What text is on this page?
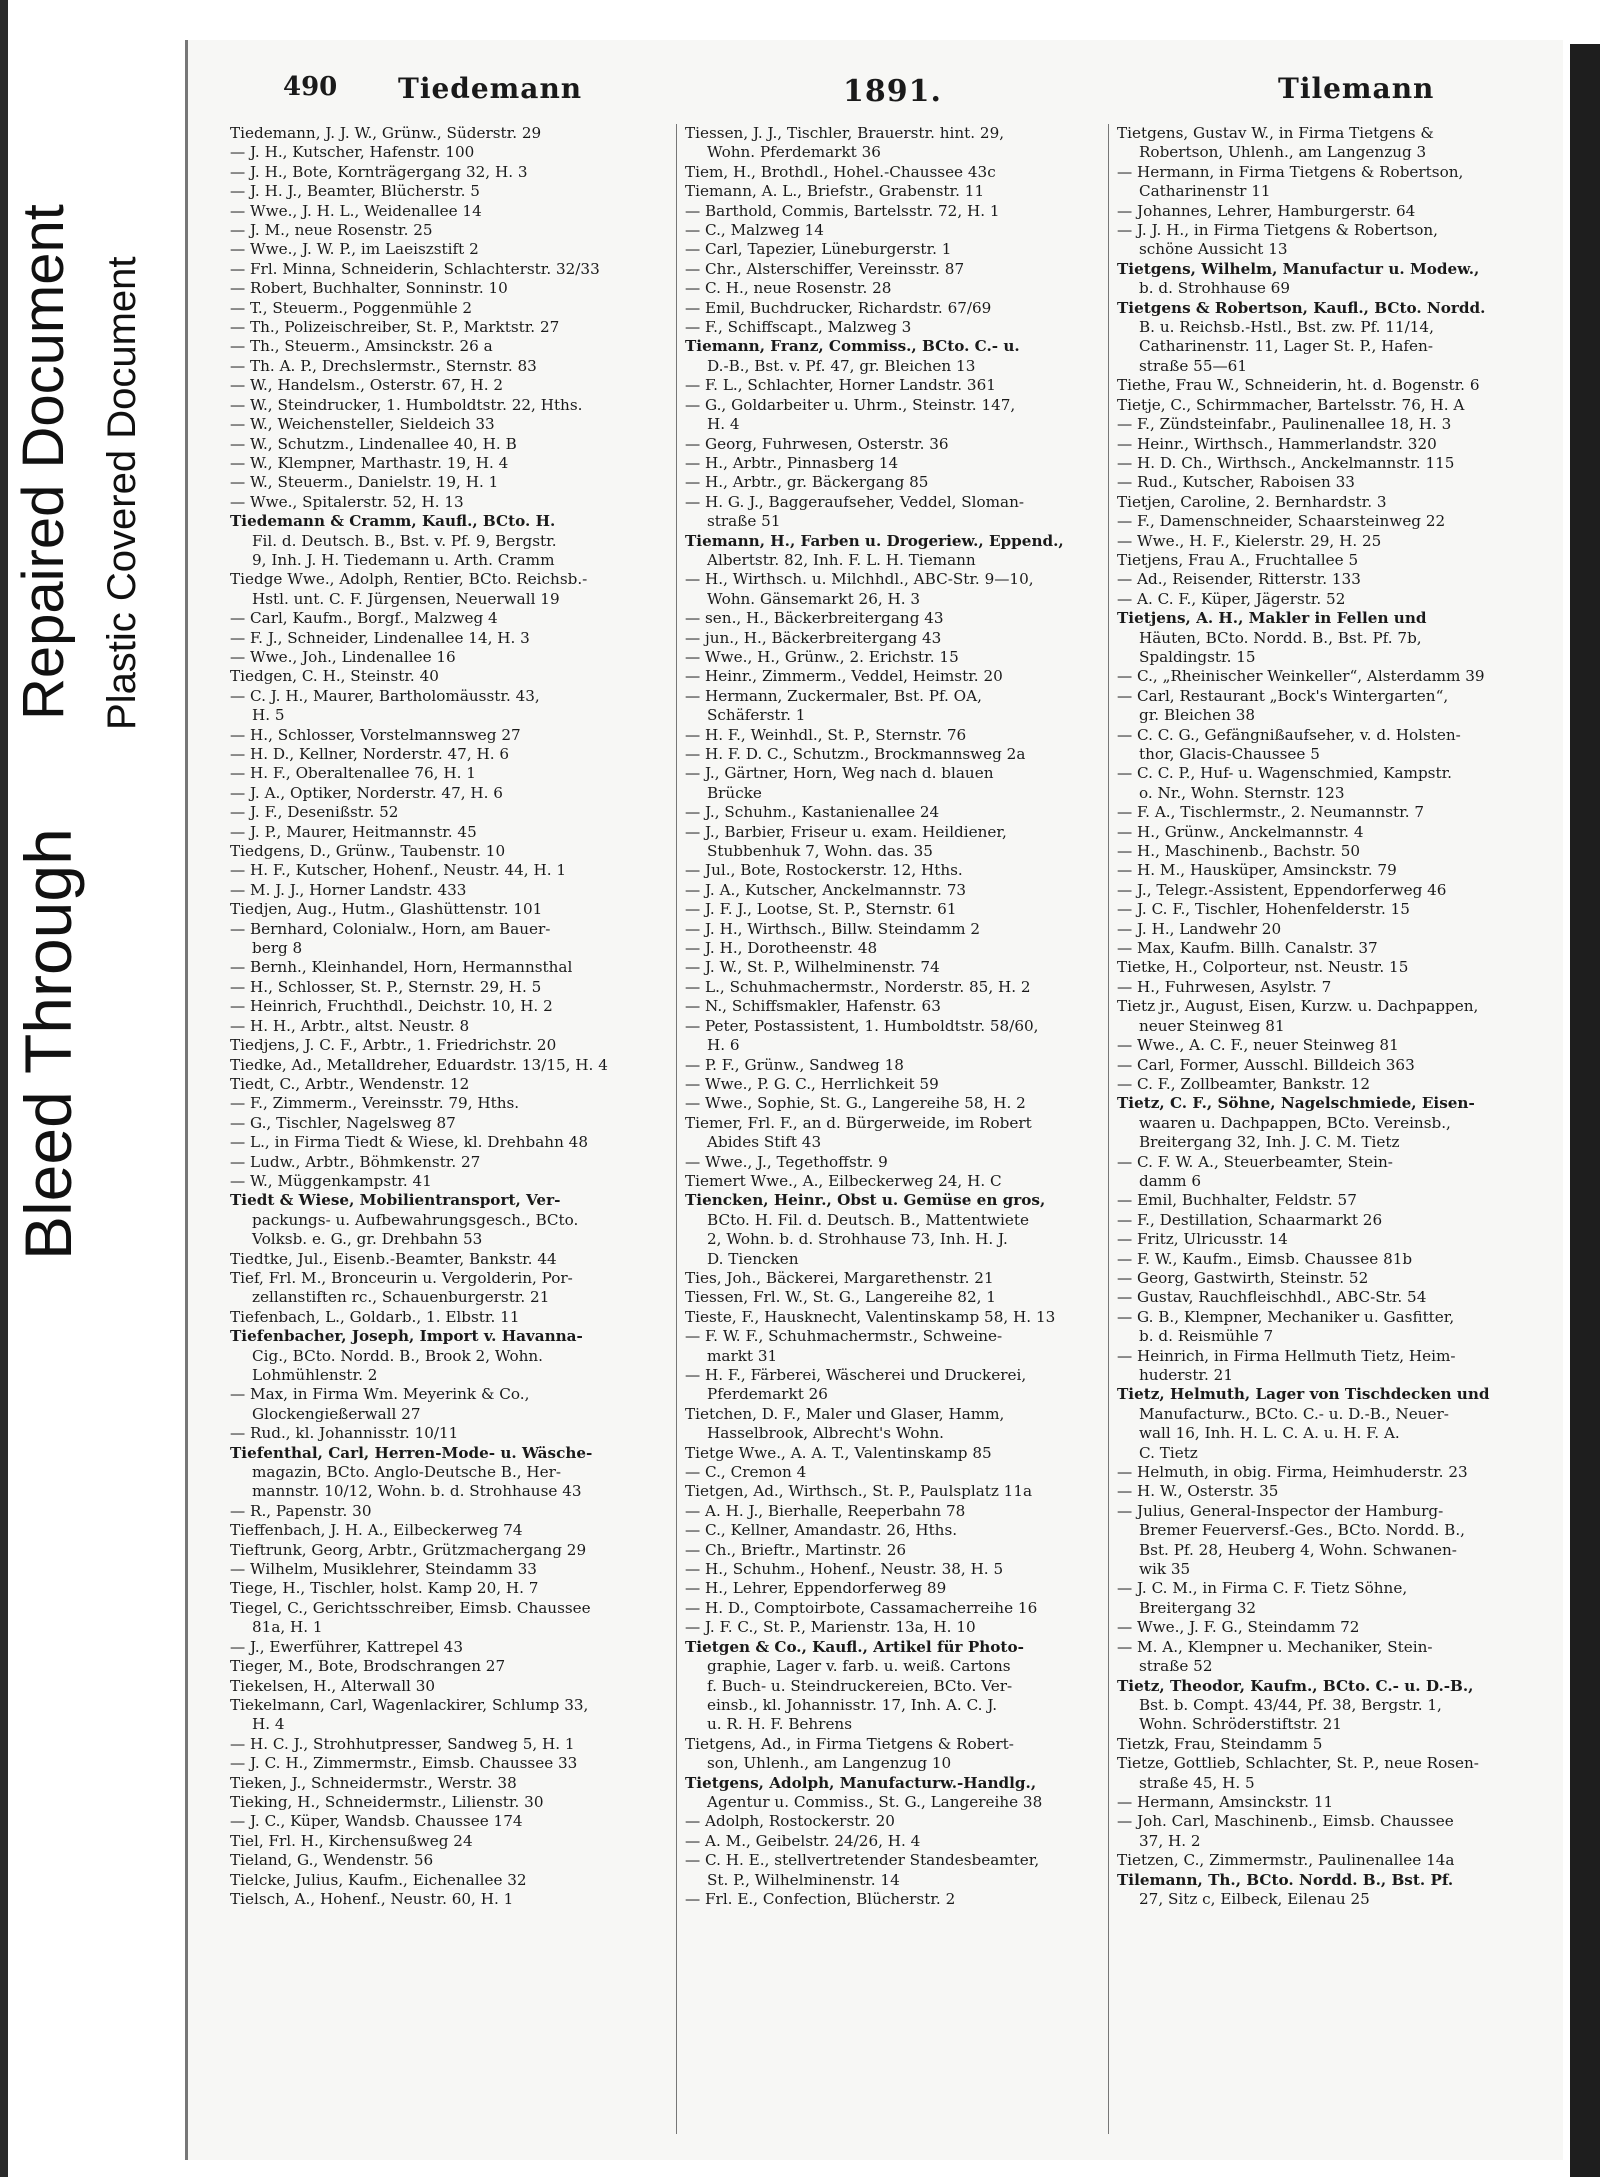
Bleed Through
Repaired Document Plastic Covered Document
490 Tiedemann	1891.	Tilemann
Tiedemann, J. J. W., Grünw., Süderstr. 29
— J. H., Kutscher, Hafenstr. 100
— J. H., Bote, Kornträgergang 32, H. 3
— J. H. J., Beamter, Blücherstr. 5
— Wwe., J. H. L., Weidenallee 14
— J. M., neue Rosenstr. 25
— Wwe., J. W. P., im Laeiszstift 2
— Frl. Minna, Schneiderin, Schlachterstr. 32/33
— Robert, Buchhalter, Sonninstr. 10
— T., Steuerm., Poggenmühle 2
— Th., Polizeischreiber, St. P., Marktstr. 27
— Th., Steuerm., Amsinckstr. 26 a
— Th. A. P., Drechslermstr., Sternstr. 83
— W., Handelsm., Osterstr. 67, H. 2
— W., Steindrucker, 1. Humboldtstr. 22, Hths.
— W., Weichensteller, Sieldeich 33
— W., Schutzm., Lindenallee 40, H. B
— W., Klempner, Marthastr. 19, H. 4
— W., Steuerm., Danielstr. 19, H. 1
— Wwe., Spitalerstr. 52, H. 13
Tiedemann & Cramm, Kaufl., BCto. H.
Fil. d. Deutsch. B., Bst. v. Pf. 9, Bergstr.
9, Inh. J. H. Tiedemann u. Arth. Cramm
Tiedge Wwe., Adolph, Rentier, BCto. Reichsb.-
Hstl. unt. C. F. Jürgensen, Neuerwall 19
— Carl, Kaufm., Borgf., Malzweg 4
— F. J., Schneider, Lindenallee 14, H. 3
— Wwe., Joh., Lindenallee 16
Tiedgen, C. H., Steinstr. 40
— C. J. H., Maurer, Bartholomäusstr. 43,
H. 5
— H., Schlosser, Vorstelmannsweg 27
— H. D., Kellner, Norderstr. 47, H. 6
— H. F., Oberaltenallee 76, H. 1
— J. A., Optiker, Norderstr. 47, H. 6
— J. F., Desenißstr. 52
— J. P., Maurer, Heitmannstr. 45
Tiedgens, D., Grünw., Taubenstr. 10
— H. F., Kutscher, Hohenf., Neustr. 44, H. 1
— M. J. J., Horner Landstr. 433
Tiedjen, Aug., Hutm., Glashüttenstr. 101
— Bernhard, Colonialw., Horn, am Bauer-
berg 8
— Bernh., Kleinhandel, Horn, Hermannsthal
— H., Schlosser, St. P., Sternstr. 29, H. 5
— Heinrich, Fruchthdl., Deichstr. 10, H. 2
— H. H., Arbtr., altst. Neustr. 8
Tiedjens, J. C. F., Arbtr., 1. Friedrichstr. 20
Tiedke, Ad., Metalldreher, Eduardstr. 13/15, H. 4
Tiedt, C., Arbtr., Wendenstr. 12
— F., Zimmerm., Vereinsstr. 79, Hths.
— G., Tischler, Nagelsweg 87
— L., in Firma Tiedt & Wiese, kl. Drehbahn 48
— Ludw., Arbtr., Böhmkenstr. 27
— W., Müggenkampstr. 41
Tiedt & Wiese, Mobilientransport, Ver-
packungs- u. Aufbewahrungsgesch., BCto.
Volksb. e. G., gr. Drehbahn 53
Tiedtke, Jul., Eisenb.-Beamter, Bankstr. 44
Tief, Frl. M., Bronceurin u. Vergolderin, Por-
zellanstiften rc., Schauenburgerstr. 21
Tiefenbach, L., Goldarb., 1. Elbstr. 11
Tiefenbacher, Joseph, Import v. Havanna-
Cig., BCto. Nordd. B., Brook 2, Wohn.
Lohmühlenstr. 2
— Max, in Firma Wm. Meyerink & Co.,
Glockengießerwall 27
— Rud., kl. Johannisstr. 10/11
Tiefenthal, Carl, Herren-Mode- u. Wäsche-
magazin, BCto. Anglo-Deutsche B., Her-
mannstr. 10/12, Wohn. b. d. Strohhause 43
— R., Papenstr. 30
Tieffenbach, J. H. A., Eilbeckerweg 74
Tieftrunk, Georg, Arbtr., Grützmachergang 29
— Wilhelm, Musiklehrer, Steindamm 33
Tiege, H., Tischler, holst. Kamp 20, H. 7
Tiegel, C., Gerichtsschreiber, Eimsb. Chaussee
81a, H. 1
— J., Ewerführer, Kattrepel 43
Tieger, M., Bote, Brodschrangen 27
Tiekelsen, H., Alterwall 30
Tiekelmann, Carl, Wagenlackirer, Schlump 33,
H. 4
— H. C. J., Strohhutpresser, Sandweg 5, H. 1
— J. C. H., Zimmermstr., Eimsb. Chaussee 33
Tieken, J., Schneidermstr., Werstr. 38
Tieking, H., Schneidermstr., Lilienstr. 30
— J. C., Küper, Wandsb. Chaussee 174
Tiel, Frl. H., Kirchensußweg 24
Tieland, G., Wendenstr. 56
Tielcke, Julius, Kaufm., Eichenallee 32
Tielsch, A., Hohenf., Neustr. 60, H. 1
Tiessen, J. J., Tischler, Brauerstr. hint. 29,
Wohn. Pferdemarkt 36
Tiem, H., Brothdl., Hohel.-Chaussee 43c
Tiemann, A. L., Briefstr., Grabenstr. 11
— Barthold, Commis, Bartelsstr. 72, H. 1
— C., Malzweg 14
— Carl, Tapezier, Lüneburgerstr. 1
— Chr., Alsterschiffer, Vereinsstr. 87
— C. H., neue Rosenstr. 28
— Emil, Buchdrucker, Richardstr. 67/69
— F., Schiffscapt., Malzweg 3
Tiemann, Franz, Commiss., BCto. C.- u.
D.-B., Bst. v. Pf. 47, gr. Bleichen 13
— F. L., Schlachter, Horner Landstr. 361
— G., Goldarbeiter u. Uhrm., Steinstr. 147,
H. 4
— Georg, Fuhrwesen, Osterstr. 36
— H., Arbtr., Pinnasberg 14
— H., Arbtr., gr. Bäckergang 85
— H. G. J., Baggeraufseher, Veddel, Sloman-
straße 51
Tiemann, H., Farben u. Drogeriew., Eppend.,
Albertstr. 82, Inh. F. L. H. Tiemann
— H., Wirthsch. u. Milchhdl., ABC-Str. 9—10,
Wohn. Gänsemarkt 26, H. 3
— sen., H., Bäckerbreitergang 43
— jun., H., Bäckerbreitergang 43
— Wwe., H., Grünw., 2. Erichstr. 15
— Heinr., Zimmerm., Veddel, Heimstr. 20
— Hermann, Zuckermaler, Bst. Pf. OA,
Schäferstr. 1
— H. F., Weinhdl., St. P., Sternstr. 76
— H. F. D. C., Schutzm., Brockmannsweg 2a
— J., Gärtner, Horn, Weg nach d. blauen
Brücke
— J., Schuhm., Kastanienallee 24
— J., Barbier, Friseur u. exam. Heildiener,
Stubbenhuk 7, Wohn. das. 35
— Jul., Bote, Rostockerstr. 12, Hths.
— J. A., Kutscher, Anckelmannstr. 73
— J. F. J., Lootse, St. P., Sternstr. 61
— J. H., Wirthsch., Billw. Steindamm 2
— J. H., Dorotheenstr. 48
— J. W., St. P., Wilhelminenstr. 74
— L., Schuhmachermstr., Norderstr. 85, H. 2
— N., Schiffsmakler, Hafenstr. 63
— Peter, Postassistent, 1. Humboldtstr. 58/60,
H. 6
— P. F., Grünw., Sandweg 18
— Wwe., P. G. C., Herrlichkeit 59
— Wwe., Sophie, St. G., Langereihe 58, H. 2
Tiemer, Frl. F., an d. Bürgerweide, im Robert
Abides Stift 43
— Wwe., J., Tegethoffstr. 9
Tiemert Wwe., A., Eilbeckerweg 24, H. C
Tiencken, Heinr., Obst u. Gemüse en gros,
BCto. H. Fil. d. Deutsch. B., Mattentwiete
2, Wohn. b. d. Strohhause 73, Inh. H. J.
D. Tiencken
Ties, Joh., Bäckerei, Margarethenstr. 21
Tiessen, Frl. W., St. G., Langereihe 82, 1
Tieste, F., Hausknecht, Valentinskamp 58, H. 13
— F. W. F., Schuhmachermstr., Schweine-
markt 31
— H. F., Färberei, Wäscherei und Druckerei,
Pferdemarkt 26
Tietchen, D. F., Maler und Glaser, Hamm,
Hasselbrook, Albrecht's Wohn.
Tietge Wwe., A. A. T., Valentinskamp 85
— C., Cremon 4
Tietgen, Ad., Wirthsch., St. P., Paulsplatz 11a
— A. H. J., Bierhalle, Reeperbahn 78
— C., Kellner, Amandastr. 26, Hths.
— Ch., Brieftr., Martinstr. 26
— H., Schuhm., Hohenf., Neustr. 38, H. 5
— H., Lehrer, Eppendorferweg 89
— H. D., Comptoirbote, Cassamacherreihe 16
— J. F. C., St. P., Marienstr. 13a, H. 10
Tietgen & Co., Kaufl., Artikel für Photo-
graphie, Lager v. farb. u. weiß. Cartons
f. Buch- u. Steindruckereien, BCto. Ver-
einsb., kl. Johannisstr. 17, Inh. A. C. J.
u. R. H. F. Behrens
Tietgens, Ad., in Firma Tietgens & Robert-
son, Uhlenh., am Langenzug 10
Tietgens, Adolph, Manufacturw.-Handlg.,
Agentur u. Commiss., St. G., Langereihe 38
— Adolph, Rostockerstr. 20
— A. M., Geibelstr. 24/26, H. 4
— C. H. E., stellvertretender Standesbeamter,
St. P., Wilhelminenstr. 14
— Frl. E., Confection, Blücherstr. 2
Tietgens, Gustav W., in Firma Tietgens &
Robertson, Uhlenh., am Langenzug 3
— Hermann, in Firma Tietgens & Robertson,
Catharinenstr 11
— Johannes, Lehrer, Hamburgerstr. 64
— J. J. H., in Firma Tietgens & Robertson,
schöne Aussicht 13
Tietgens, Wilhelm, Manufactur u. Modew.,
b. d. Strohhause 69
Tietgens & Robertson, Kaufl., BCto. Nordd.
B. u. Reichsb.-Hstl., Bst. zw. Pf. 11/14,
Catharinenstr. 11, Lager St. P., Hafen-
straße 55—61
Tiethe, Frau W., Schneiderin, ht. d. Bogenstr. 6
Tietje, C., Schirmmacher, Bartelsstr. 76, H. A
— F., Zündsteinfabr., Paulinenallee 18, H. 3
— Heinr., Wirthsch., Hammerlandstr. 320
— H. D. Ch., Wirthsch., Anckelmannstr. 115
— Rud., Kutscher, Raboisen 33
Tietjen, Caroline, 2. Bernhardstr. 3
— F., Damenschneider, Schaarsteinweg 22
— Wwe., H. F., Kielerstr. 29, H. 25
Tietjens, Frau A., Fruchtallee 5
— Ad., Reisender, Ritterstr. 133
— A. C. F., Küper, Jägerstr. 52
Tietjens, A. H., Makler in Fellen und
Häuten, BCto. Nordd. B., Bst. Pf. 7b,
Spaldingstr. 15
— C., „Rheinischer Weinkeller“, Alsterdamm 39
— Carl, Restaurant „Bock's Wintergarten“,
gr. Bleichen 38
— C. C. G., Gefängnißaufseher, v. d. Holsten-
thor, Glacis-Chaussee 5
— C. C. P., Huf- u. Wagenschmied, Kampstr.
o. Nr., Wohn. Sternstr. 123
— F. A., Tischlermstr., 2. Neumannstr. 7
— H., Grünw., Anckelmannstr. 4
— H., Maschinenb., Bachstr. 50
— H. M., Hausküper, Amsinckstr. 79
— J., Telegr.-Assistent, Eppendorferweg 46
— J. C. F., Tischler, Hohenfelderstr. 15
— J. H., Landwehr 20
— Max, Kaufm. Billh. Canalstr. 37
Tietke, H., Colporteur, nst. Neustr. 15
— H., Fuhrwesen, Asylstr. 7
Tietz jr., August, Eisen, Kurzw. u. Dachpappen,
neuer Steinweg 81
— Wwe., A. C. F., neuer Steinweg 81
— Carl, Former, Ausschl. Billdeich 363
— C. F., Zollbeamter, Bankstr. 12
Tietz, C. F., Söhne, Nagelschmiede, Eisen-
waaren u. Dachpappen, BCto. Vereinsb.,
Breitergang 32, Inh. J. C. M. Tietz
— C. F. W. A., Steuerbeamter, Stein-
damm 6
— Emil, Buchhalter, Feldstr. 57
— F., Destillation, Schaarmarkt 26
— Fritz, Ulricusstr. 14
— F. W., Kaufm., Eimsb. Chaussee 81b
— Georg, Gastwirth, Steinstr. 52
— Gustav, Rauchfleischhdl., ABC-Str. 54
— G. B., Klempner, Mechaniker u. Gasfitter,
b. d. Reismühle 7
— Heinrich, in Firma Hellmuth Tietz, Heim-
huderstr. 21
Tietz, Helmuth, Lager von Tischdecken und
Manufacturw., BCto. C.- u. D.-B., Neuer-
wall 16, Inh. H. L. C. A. u. H. F. A.
C. Tietz
— Helmuth, in obig. Firma, Heimhuderstr. 23
— H. W., Osterstr. 35
— Julius, General-Inspector der Hamburg-
Bremer Feuerversf.-Ges., BCto. Nordd. B.,
Bst. Pf. 28, Heuberg 4, Wohn. Schwanen-
wik 35
— J. C. M., in Firma C. F. Tietz Söhne,
Breitergang 32
— Wwe., J. F. G., Steindamm 72
— M. A., Klempner u. Mechaniker, Stein-
straße 52
Tietz, Theodor, Kaufm., BCto. C.- u. D.-B.,
Bst. b. Compt. 43/44, Pf. 38, Bergstr. 1,
Wohn. Schröderstiftstr. 21
Tietzk, Frau, Steindamm 5
Tietze, Gottlieb, Schlachter, St. P., neue Rosen-
straße 45, H. 5
— Hermann, Amsinckstr. 11
— Joh. Carl, Maschinenb., Eimsb. Chaussee
37, H. 2
Tietzen, C., Zimmermstr., Paulinenallee 14a
Tilemann, Th., BCto. Nordd. B., Bst. Pf.
27, Sitz c, Eilbeck, Eilenau 25
